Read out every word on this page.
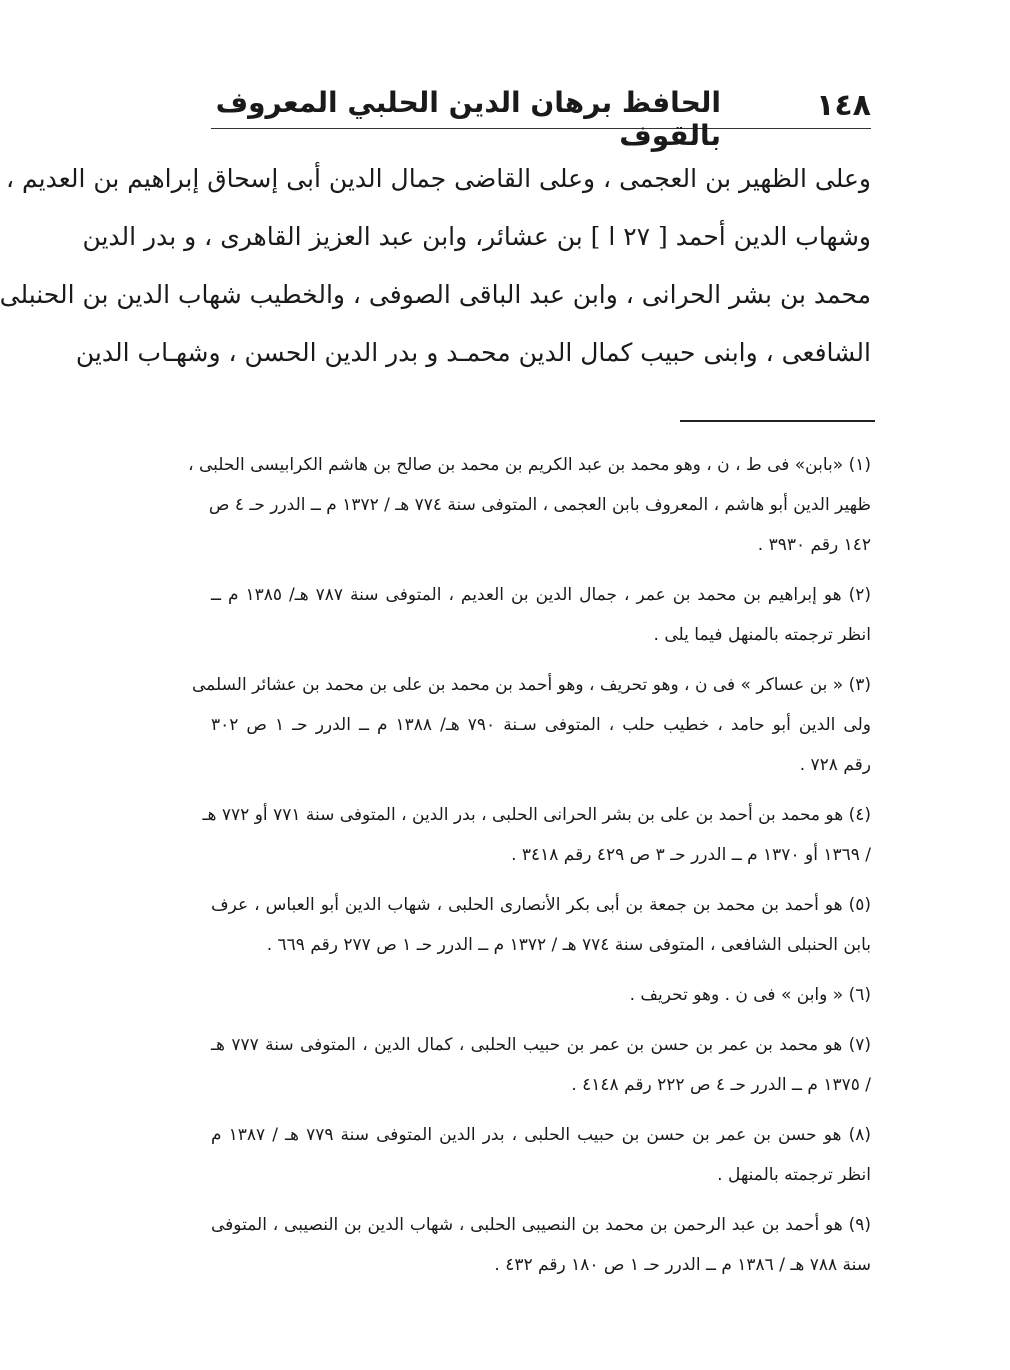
١٤٨
الحافظ برهان الدين الحلبي المعروف بالقوف
وعلى الظهير بن العجمى ، وعلى القاضى جمال الدين أبى إسحاق إبراهيم بن العديم ،
وشهاب الدين أحمد [ ٢٧ ا ] بن عشائر، وابن عبد العزيز القاهرى ، و بدر الدين
محمد بن بشر الحرانى ، وابن عبد الباقى الصوفى ، والخطيب شهاب الدين بن الحنبلى
الشافعى ، وابنى حبيب كمال الدين محمـد و بدر الدين الحسن ، وشهـاب الدين
(١) «بابن» فى ط ، ن ، وهو محمد بن عبد الكريم بن محمد بن صالح بن هاشم الكرابيسى الحلبى ،
ظهير الدين أبو هاشم ، المعروف بابن العجمى ، المتوفى سنة ٧٧٤ هـ / ١٣٧٢ م ــ الدرر حـ ٤ ص
١٤٢ رقم ٣٩٣٠ .
(٢) هو إبراهيم بن محمد بن عمر ، جمال الدين بن العديم ، المتوفى سنة ٧٨٧ هـ/ ١٣٨٥ م ــ
انظر ترجمته بالمنهل فيما يلى .
(٣) « بن عساكر » فى ن ، وهو تحريف ، وهو أحمد بن محمد بن على بن محمد بن عشائر السلمى
ولى الدين أبو حامد ، خطيب حلب ، المتوفى سـنة ٧٩٠ هـ/ ١٣٨٨ م ــ الدرر حـ ١ ص ٣٠٢
رقم ٧٢٨ .
(٤) هو محمد بن أحمد بن على بن بشر الحرانى الحلبى ، بدر الدين ، المتوفى سنة ٧٧١ أو ٧٧٢ هـ
/ ١٣٦٩ أو ١٣٧٠ م ــ الدرر حـ ٣ ص ٤٢٩ رقم ٣٤١٨ .
(٥) هو أحمد بن محمد بن جمعة بن أبى بكر الأنصارى الحلبى ، شهاب الدين أبو العباس ، عرف
بابن الحنبلى الشافعى ، المتوفى سنة ٧٧٤ هـ / ١٣٧٢ م ــ الدرر حـ ١ ص ٢٧٧ رقم ٦٦٩ .
(٦) « وابن » فى ن . وهو تحريف .
(٧) هو محمد بن عمر بن حسن بن عمر بن حبيب الحلبى ، كمال الدين ، المتوفى سنة ٧٧٧ هـ
/ ١٣٧٥ م ــ الدرر حـ ٤ ص ٢٢٢ رقم ٤١٤٨ .
(٨) هو حسن بن عمر بن حسن بن حبيب الحلبى ، بدر الدين المتوفى سنة ٧٧٩ هـ / ١٣٨٧ م
انظر ترجمته بالمنهل .
(٩) هو أحمد بن عبد الرحمن بن محمد بن النصيبى الحلبى ، شهاب الدين بن النصيبى ، المتوفى
سنة ٧٨٨ هـ / ١٣٨٦ م ــ الدرر حـ ١ ص ١٨٠ رقم ٤٣٢ .
